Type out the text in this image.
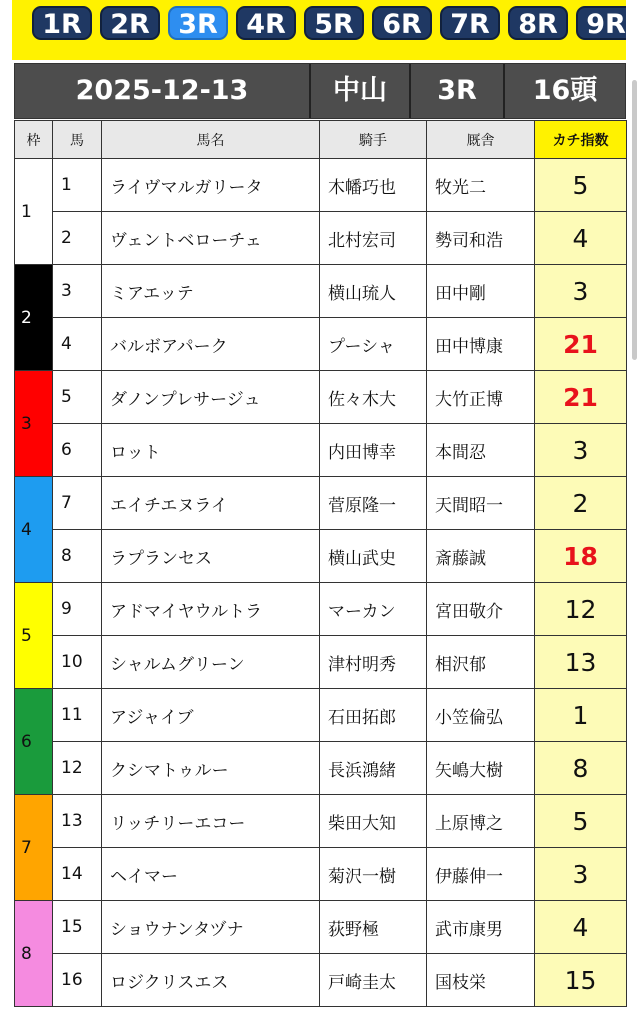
1R	2R	3R	4R	5R	6R	7R	8R	9R
2025-12-13	中山	3R	16頭
枠	馬	馬名	騎手	厩舎	カチ指数
1	1	ライヴマルガリータ	木幡巧也	牧光二	5
	2	ヴェントベローチェ	北村宏司	勢司和浩	4
2	3	ミアエッテ	横山琉人	田中剛	3
	4	バルボアパーク	プーシャ	田中博康	21
3	5	ダノンプレサージュ	佐々木大	大竹正博	21
	6	ロット	内田博幸	本間忍	3
4	7	エイチエヌライ	菅原隆一	天間昭一	2
	8	ラプランセス	横山武史	斎藤誠	18
5	9	アドマイヤウルトラ	マーカン	宮田敬介	12
	10	シャルムグリーン	津村明秀	相沢郁	13
6	11	アジャイブ	石田拓郎	小笠倫弘	1
	12	クシマトゥルー	長浜鴻緒	矢嶋大樹	8
7	13	リッチリーエコー	柴田大知	上原博之	5
	14	ヘイマー	菊沢一樹	伊藤伸一	3
8	15	ショウナンタヅナ	荻野極	武市康男	4
	16	ロジクリスエス	戸崎圭太	国枝栄	15
